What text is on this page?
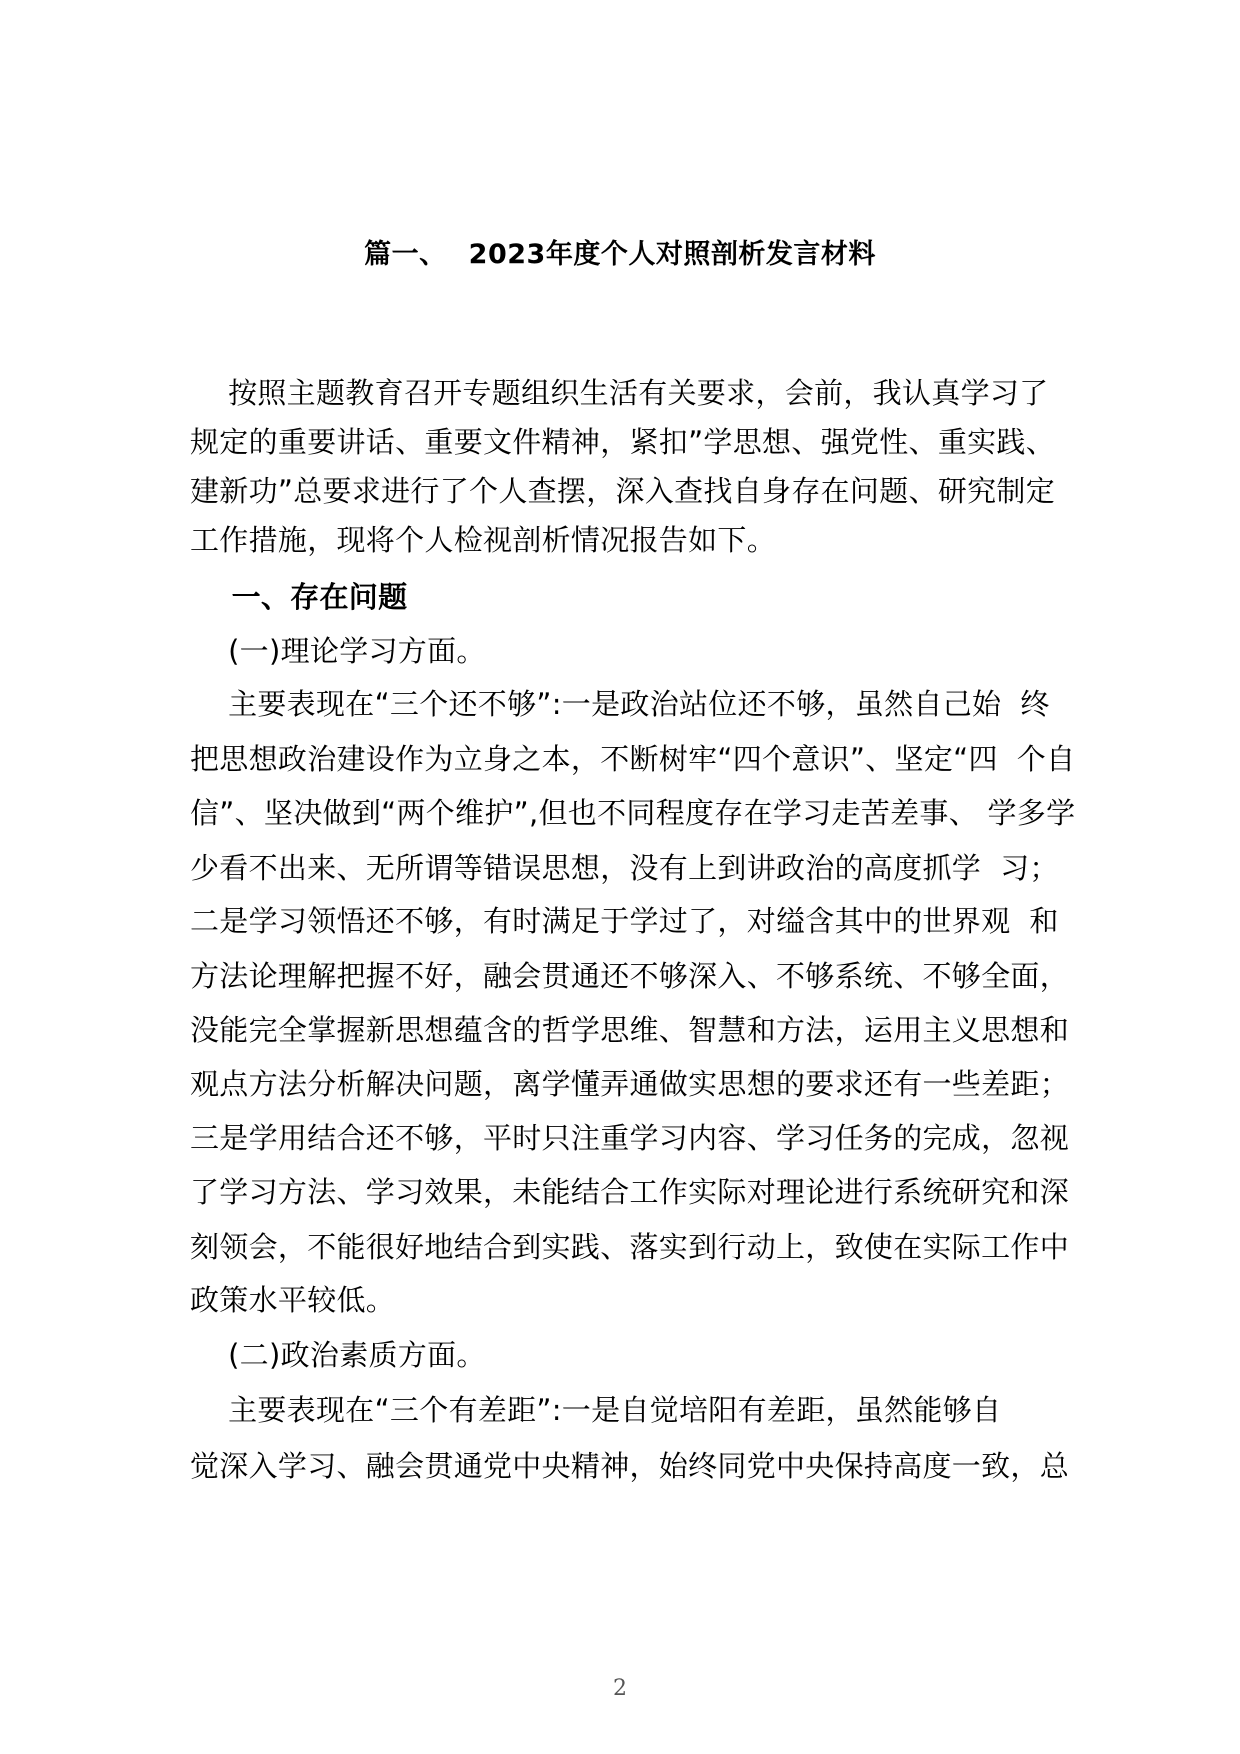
篇一、 2023年度个人对照剖析发言材料
按照主题教育召开专题组织生活有关要求，会前，我认真学习了
规定的重要讲话、重要文件精神，紧扣”学思想、强党性、重实践、
建新功”总要求进行了个人查摆，深入查找自身存在问题、研究制定
工作措施，现将个人检视剖析情况报告如下。
一、存在问题
(一)理论学习方面。
主要表现在“三个还不够”:一是政治站位还不够，虽然自己始  终
把思想政治建设作为立身之本，不断树牢“四个意识”、坚定“四  个自
信”、坚决做到“两个维护”,但也不同程度存在学习走苦差事、 学多学
少看不出来、无所谓等错误思想，没有上到讲政治的高度抓学  习；
二是学习领悟还不够，有时满足于学过了，对缢含其中的世界观  和
方法论理解把握不好，融会贯通还不够深入、不够系统、不够全面，
没能完全掌握新思想蕴含的哲学思维、智慧和方法，运用主义思想和
观点方法分析解决问题，离学懂弄通做实思想的要求还有一些差距；
三是学用结合还不够，平时只注重学习内容、学习任务的完成，忽视
了学习方法、学习效果，未能结合工作实际对理论进行系统研究和深
刻领会，不能很好地结合到实践、落实到行动上，致使在实际工作中
政策水平较低。
(二)政治素质方面。
主要表现在“三个有差距”:一是自觉培阳有差距，虽然能够自
觉深入学习、融会贯通党中央精神，始终同党中央保持高度一致，总
2
